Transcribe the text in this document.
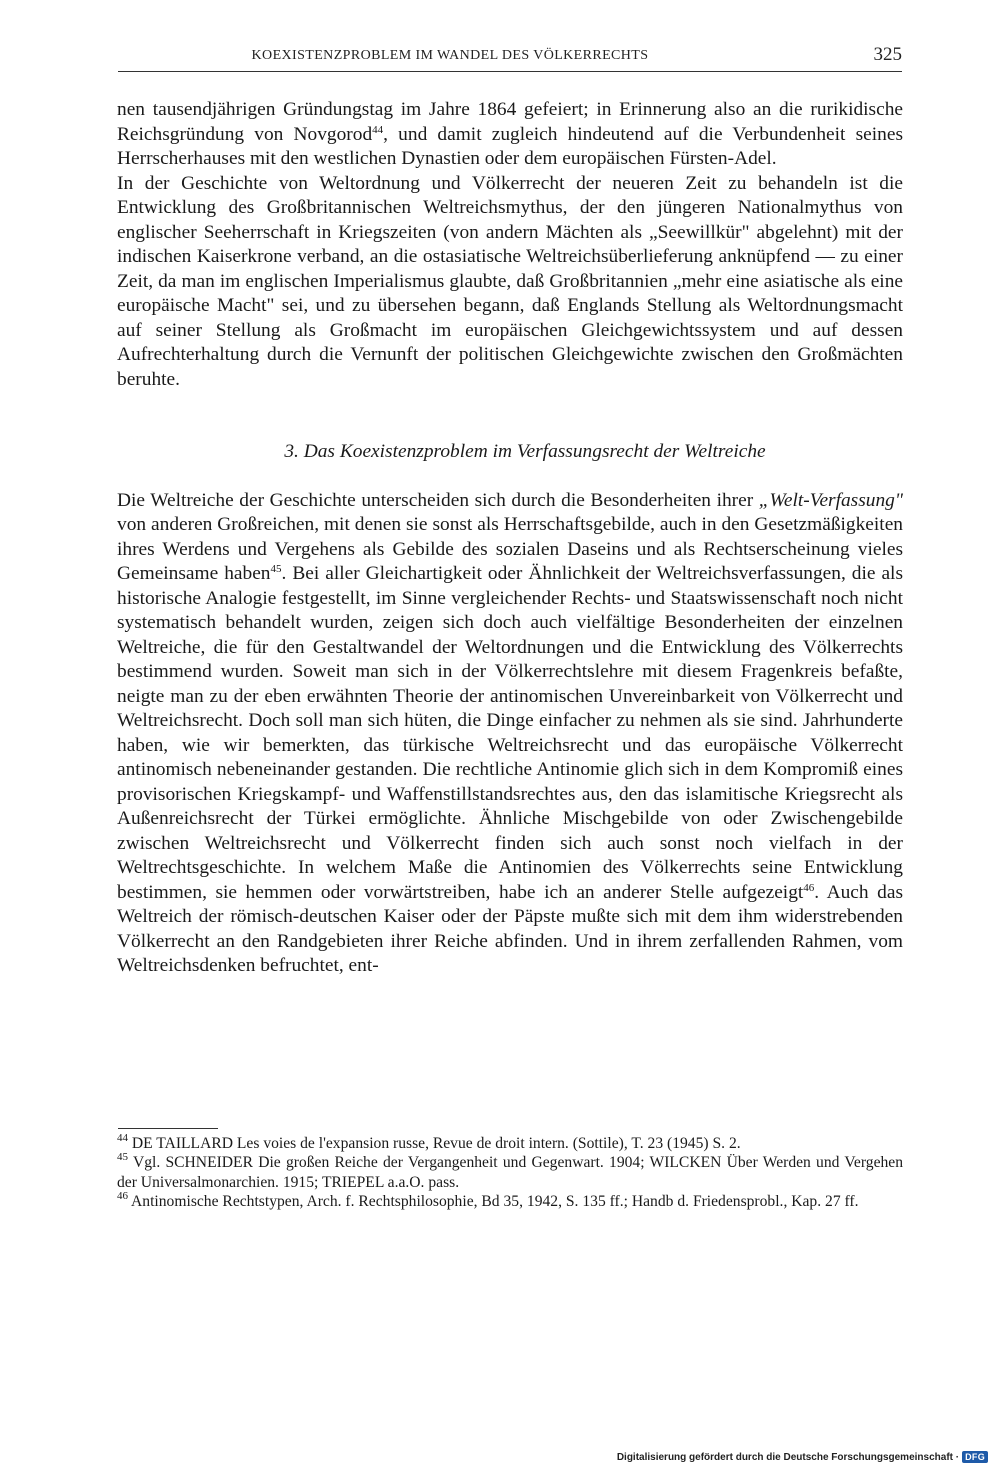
KOEXISTENZPROBLEM IM WANDEL DES VÖLKERRECHTS	325

nen tausendjährigen Gründungstag im Jahre 1864 gefeiert; in Erinnerung also an die rurikidische Reichsgründung von Novgorod$^{44}$, und damit zugleich hindeutend auf die Verbundenheit seines Herrscherhauses mit den westlichen Dynastien oder dem europäischen Fürsten-Adel.

In der Geschichte von Weltordnung und Völkerrecht der neueren Zeit zu behandeln ist die Entwicklung des Großbritannischen Weltreichsmythus, der den jüngeren Nationalmythus von englischer Seeherrschaft in Kriegszeiten (von andern Mächten als „Seewillkür" abgelehnt) mit der indischen Kaiserkrone verband, an die ostasiatische Weltreichsüberlieferung anknüpfend — zu einer Zeit, da man im englischen Imperialismus glaubte, daß Großbritannien „mehr eine asiatische als eine europäische Macht" sei, und zu übersehen begann, daß Englands Stellung als Weltordnungsmacht auf seiner Stellung als Großmacht im europäischen Gleichgewichtssystem und auf dessen Aufrechterhaltung durch die Vernunft der politischen Gleichgewichte zwischen den Großmächten beruhte.

3. Das Koexistenzproblem im Verfassungsrecht der Weltreiche

Die Weltreiche der Geschichte unterscheiden sich durch die Besonderheiten ihrer „Welt-Verfassung" von anderen Großreichen, mit denen sie sonst als Herrschaftsgebilde, auch in den Gesetzmäßigkeiten ihres Werdens und Vergehens als Gebilde des sozialen Daseins und als Rechtserscheinung vieles Gemeinsame haben$^{45}$. Bei aller Gleichartigkeit oder Ähnlichkeit der Weltreichsverfassungen, die als historische Analogie festgestellt, im Sinne vergleichender Rechts- und Staatswissenschaft noch nicht systematisch behandelt wurden, zeigen sich doch auch vielfältige Besonderheiten der einzelnen Weltreiche, die für den Gestaltwandel der Weltordnungen und die Entwicklung des Völkerrechts bestimmend wurden. Soweit man sich in der Völkerrechtslehre mit diesem Fragenkreis befaßte, neigte man zu der eben erwähnten Theorie der antinomischen Unvereinbarkeit von Völkerrecht und Weltreichsrecht. Doch soll man sich hüten, die Dinge einfacher zu nehmen als sie sind. Jahrhunderte haben, wie wir bemerkten, das türkische Weltreichsrecht und das europäische Völkerrecht antinomisch nebeneinander gestanden. Die rechtliche Antinomie glich sich in dem Kompromiß eines provisorischen Kriegskampf- und Waffenstillstandsrechtes aus, den das islamitische Kriegsrecht als Außenreichsrecht der Türkei ermöglichte. Ähnliche Mischgebilde von oder Zwischengebilde zwischen Weltreichsrecht und Völkerrecht finden sich auch sonst noch vielfach in der Weltrechtsgeschichte. In welchem Maße die Antinomien des Völkerrechts seine Entwicklung bestimmen, sie hemmen oder vorwärtstreiben, habe ich an anderer Stelle aufgezeigt$^{46}$. Auch das Weltreich der römisch-deutschen Kaiser oder der Päpste mußte sich mit dem ihm widerstrebenden Völkerrecht an den Randgebieten ihrer Reiche abfinden. Und in ihrem zerfallenden Rahmen, vom Weltreichsdenken befruchtet, ent-

$^{44}$ DE TAILLARD Les voies de l'expansion russe, Revue de droit intern. (Sottile), T. 23 (1945) S. 2.

$^{45}$ Vgl. SCHNEIDER Die großen Reiche der Vergangenheit und Gegenwart. 1904; WILCKEN Über Werden und Vergehen der Universalmonarchien. 1915; TRIEPEL a.a.O. pass.

$^{46}$ Antinomische Rechtstypen, Arch. f. Rechtsphilosophie, Bd 35, 1942, S. 135 ff.; Handb d. Friedensprobl., Kap. 27 ff.

Digitalisierung gefördert durch die Deutsche Forschungsgemeinschaft · DFG
